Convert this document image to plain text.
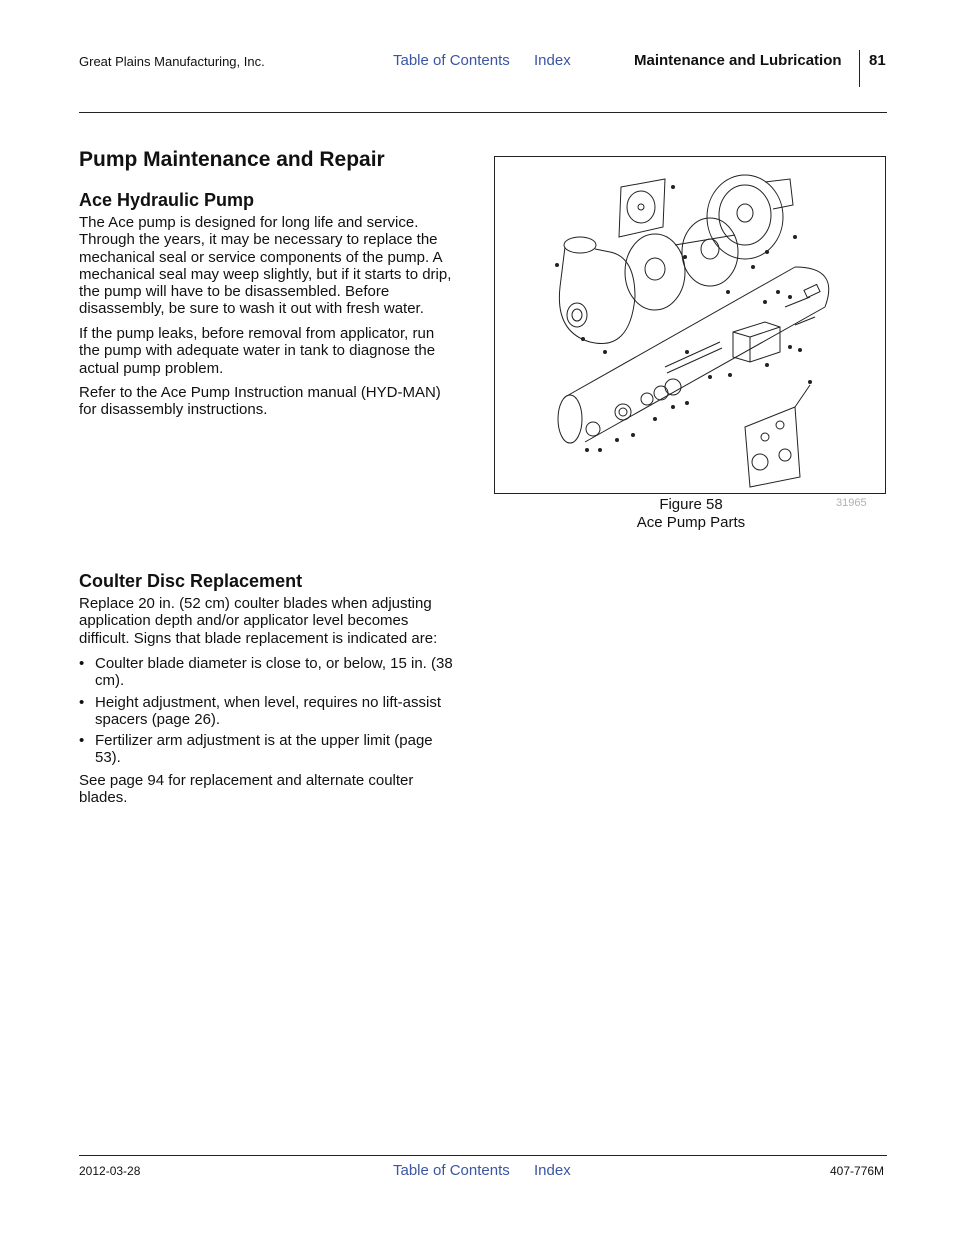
Great Plains Manufacturing, Inc.	Table of Contents Index	Maintenance and Lubrication 81
Pump Maintenance and Repair
Ace Hydraulic Pump
The Ace pump is designed for long life and service. Through the years, it may be necessary to replace the mechanical seal or service components of the pump. A mechanical seal may weep slightly, but if it starts to drip, the pump will have to be disassembled. Before disassembly, be sure to wash it out with fresh water.
If the pump leaks, before removal from applicator, run the pump with adequate water in tank to diagnose the actual pump problem.
Refer to the Ace Pump Instruction manual (HYD-MAN) for disassembly instructions.
Figure 58
Ace Pump Parts
31965
Coulter Disc Replacement
Replace 20 in. (52 cm) coulter blades when adjusting application depth and/or applicator level becomes difficult. Signs that blade replacement is indicated are:
• Coulter blade diameter is close to, or below, 15 in. (38 cm).
• Height adjustment, when level, requires no lift-assist spacers (page 26).
• Fertilizer arm adjustment is at the upper limit (page 53).
See page 94 for replacement and alternate coulter blades.
2012-03-28	Table of Contents Index	407-776M
